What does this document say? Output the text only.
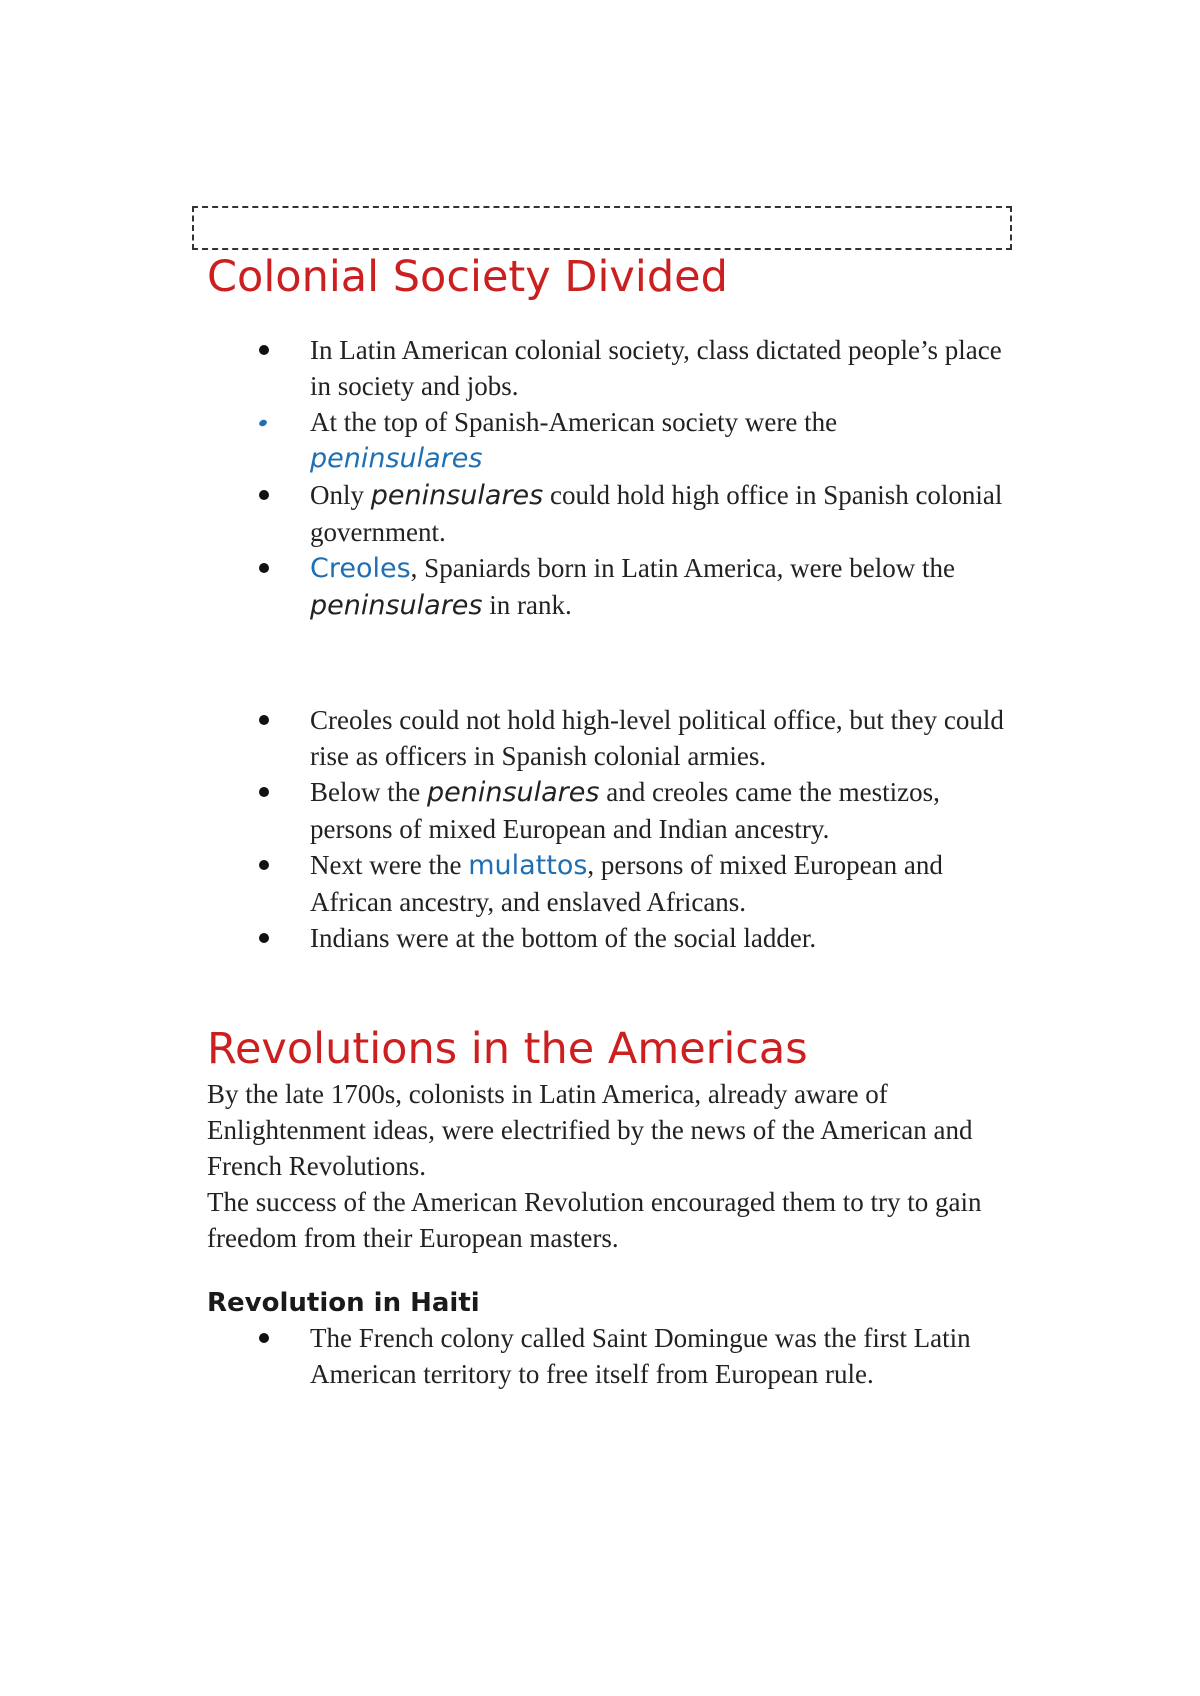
Colonial Society Divided
In Latin American colonial society, class dictated people’s place in society and jobs.
At the top of Spanish-American society were the peninsulares
Only peninsulares could hold high office in Spanish colonial government.
Creoles, Spaniards born in Latin America, were below the peninsulares in rank.
Creoles could not hold high-level political office, but they could rise as officers in Spanish colonial armies.
Below the peninsulares and creoles came the mestizos, persons of mixed European and Indian ancestry.
Next were the mulattos, persons of mixed European and African ancestry, and enslaved Africans.
Indians were at the bottom of the social ladder.
Revolutions in the Americas

By the late 1700s, colonists in Latin America, already aware of Enlightenment ideas, were electrified by the news of the American and French Revolutions.

The success of the American Revolution encouraged them to try to gain freedom from their European masters.

Revolution in Haiti
The French colony called Saint Domingue was the first Latin American territory to free itself from European rule.
